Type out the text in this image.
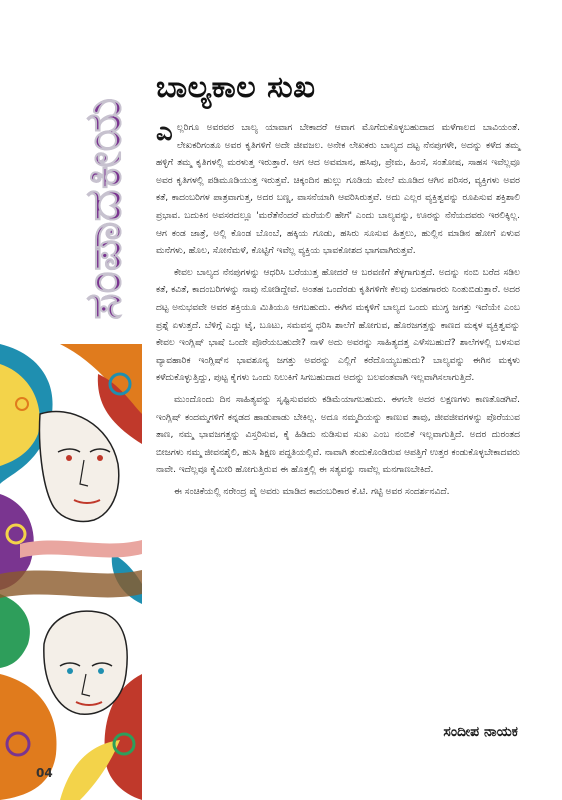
ಸಂಪಾದಕೀಯ
ಬಾಲ್ಯಕಾಲ ಸುಖ

ಎಲ್ಲರಿಗೂ ಅವರವರ ಬಾಲ್ಯ ಯಾವಾಗ ಬೇಕಾದರೆ ಆವಾಗ ಮೊಗೆದುಕೊಳ್ಳಬಹುದಾದ ಮಳೆಗಾಲದ ಬಾವಿಯಂತೆ. ಲೇಖಕರಿಗಂತೂ ಅವರ ಕೃತಿಗಳಿಗೆ ಅದೇ ಜೀವಜಲ. ಅನೇಕ ಲೇಖಕರು ಬಾಲ್ಯದ ದಟ್ಟ ನೆನಪುಗಳೇ, ಅದನ್ನು ಕಳೆದ ತಮ್ಮ ಹಳ್ಳಿಗೆ ತಮ್ಮ ಕೃತಿಗಳಲ್ಲಿ ಮರಳುತ್ತ ಇರುತ್ತಾರೆ. ಆಗ ಆದ ಅವಮಾನ, ಹಸಿವು, ಪ್ರೇಮ, ಹಿಂಸೆ, ಸಂತೋಷ, ಸಾಹಸ ಇವೆಲ್ಲವೂ ಅವರ ಕೃತಿಗಳಲ್ಲಿ ಪಡಿಮೂಡಿಯುತ್ತ ಇರುತ್ತವೆ. ಚಿಕ್ಕಂದಿನ ಹುಲ್ಲು ಗೂಡಿಯ ಮೇಲೆ ಮೂಡಿದ ಆಗಿನ ಪರಿಸರ, ವ್ಯಕ್ತಿಗಳು ಅವರ ಕತೆ, ಕಾದಂಬರಿಗಳ ಪಾತ್ರವಾಗುತ್ತ, ಅದರ ಬಣ್ಣ, ವಾಸನೆಯಾಗಿ ಆವರಿಸಿರುತ್ತವೆ. ಅದು ಎಲ್ಲರ ವ್ಯಕ್ತಿತ್ವವನ್ನು ರೂಪಿಸುವ ಶಕ್ತಿಶಾಲಿ ಪ್ರಭಾವ. ಬದುಕಿನ ಅವಸರದಲ್ಲೂ 'ಮರೆತೆನೆಂದರೆ ಮರೆಯಲಿ ಹೇಗೆ' ಎಂದು ಬಾಲ್ಯವನ್ನು, ಊರನ್ನು ನೆನೆಯದವರು ಇರಲಿಕ್ಕಿಲ್ಲ. ಆಗ ಕಂಡ ಜಾತ್ರೆ, ಅಲ್ಲಿ ಕೊಂಡ ಬೊಂಬೆ, ಹಕ್ಕಿಯ ಗೂಡು, ಹಸಿರು ಸೂಸುವ ಹಿತ್ತಲು, ಹುಲ್ಲಿನ ಮಾಡಿನ ಹೋಗೆ ಏಳುವ ಮನೆಗಳು, ಹೊಲ, ಸೋನೆಮಳೆ, ಕೊಟ್ಟಿಗೆ ಇವೆಲ್ಲ ವ್ಯಕ್ತಿಯ ಭಾವಕೋಶದ ಭಾಗವಾಗಿರುತ್ತವೆ.

ಕೇವಲ ಬಾಲ್ಯದ ನೆನಪುಗಳನ್ನು ಆಧರಿಸಿ ಬರೆಯುತ್ತ ಹೋದರೆ ಆ ಬರವಣಿಗೆ ತೆಳ್ಳಗಾಗುತ್ತದೆ. ಅದನ್ನು ನಂಬಿ ಬರೆದ ಸಡಿಲ ಕತೆ, ಕವಿತೆ, ಕಾದಂಬರಿಗಳನ್ನು ನಾವು ನೋಡಿದ್ದೇವೆ. ಅಂತಹ ಒಂದೆರಡು ಕೃತಿಗಳಿಗೇ ಕೆಲವು ಬರಹಗಾರರು ನಿಂತುಬಿಡುತ್ತಾರೆ. ಅದರ ದಟ್ಟ ಅನುಭವವೇ ಅವರ ಶಕ್ತಿಯೂ ಮಿತಿಯೂ ಆಗಬಹುದು. ಈಗಿನ ಮಕ್ಕಳಿಗೆ ಬಾಲ್ಯದ ಒಂದು ಮುಗ್ಧ ಜಗತ್ತು ಇದೆಯೇ ಎಂಬ ಪ್ರಶ್ನೆ ಏಳುತ್ತದೆ. ಬೆಳಿಗ್ಗೆ ಎದ್ದು ಟೈ, ಬೂಟು, ಸಮವಸ್ತ್ರ ಧರಿಸಿ ಶಾಲೆಗೆ ಹೋಗುವ, ಹೊರಜಗತ್ತನ್ನು ಕಾಣದ ಮಕ್ಕಳ ವ್ಯಕ್ತಿತ್ವವನ್ನು ಕೇವಲ ಇಂಗ್ಲಿಷ್ ಭಾಷೆ ಒಂದೇ ಪೊರೆಯಬಹುದೇ? ನಾಳೆ ಅದು ಅವರನ್ನು ಸಾಹಿತ್ಯದತ್ತ ಎಳೆಸಬಹುದೆ? ಶಾಲೆಗಳಲ್ಲಿ ಬಳಸುವ ವ್ಯಾವಹಾರಿಕ ಇಂಗ್ಲಿಷ್‌ನ ಭಾವಶೂನ್ಯ ಜಗತ್ತು ಅವರನ್ನು ಎಲ್ಲಿಗೆ ಕರೆದೊಯ್ಯಬಹುದು? ಬಾಲ್ಯವನ್ನು ಈಗಿನ ಮಕ್ಕಳು ಕಳೆದುಕೊಳ್ಳುತ್ತಿದ್ದು, ಪುಟ್ಟ ಕೈಗಳು ಒಂದು ನಿಲುಕಿಗೆ ಸಿಗಬಹುದಾದ ಅದನ್ನು ಬಲವಂತವಾಗಿ ಇಲ್ಲವಾಗಿಸಲಾಗುತ್ತಿದೆ.

ಮುಂದೊಂದು ದಿನ ಸಾಹಿತ್ಯವನ್ನು ಸೃಷ್ಟಿಸುವವರು ಕಡಿಮೆಯಾಗಬಹುದು. ಈಗಲೇ ಅದರ ಲಕ್ಷಣಗಳು ಕಾಣತೊಡಗಿವೆ. ಇಂಗ್ಲಿಷ್ ಕಂದಮ್ಮಗಳಿಗೆ ಕನ್ನಡದ ಹಾಡುಪಾಡು ಬೇಕಿಲ್ಲ. ಅದೂ ನಮ್ಮದಿಯನ್ನು ಕಾಣುವ ತಾವು, ಜೀವಜೀವಗಳನ್ನು ಪೊರೆಯುವ ತಾಣ, ನಮ್ಮ ಭಾವಜಗತ್ತನ್ನು ವಿಸ್ತರಿಸುವ, ಕೈ ಹಿಡಿದು ನುಡಿಸುವ ಸುಖ ಎಂಬ ನಂಬಿಕೆ ಇಲ್ಲವಾಗುತ್ತಿದೆ. ಅದರ ದುರಂತದ ಬೀಜಗಳು ನಮ್ಮ ಜೀವನಶೈಲಿ, ಹುಸಿ ಶಿಕ್ಷಣ ಪದ್ಧತಿಯಲ್ಲಿವೆ. ನಾವಾಗಿ ತಂದುಕೊಂಡಿರುವ ಆಪತ್ತಿಗೆ ಉತ್ತರ ಕಂಡುಕೊಳ್ಳಬೇಕಾದವರು ನಾವೇ. ಇದೆಲ್ಲವೂ ಕೈಮೀರಿ ಹೋಗುತ್ತಿರುವ ಈ ಹೊತ್ತಲ್ಲಿ ಈ ಸತ್ಯವನ್ನು ನಾವೆಲ್ಲ ಮನಗಾಣಬೇಕಿದೆ.

ಈ ಸಂಚಿಕೆಯಲ್ಲಿ ನರೇಂದ್ರ ಪೈ ಅವರು ಮಾಡಿದ ಕಾದಂಬರಿಕಾರ ಕೆ.ಟಿ. ಗಟ್ಟಿ ಅವರ ಸಂದರ್ಶನವಿದೆ.

ಸಂದೀಪ ನಾಯಕ

04
